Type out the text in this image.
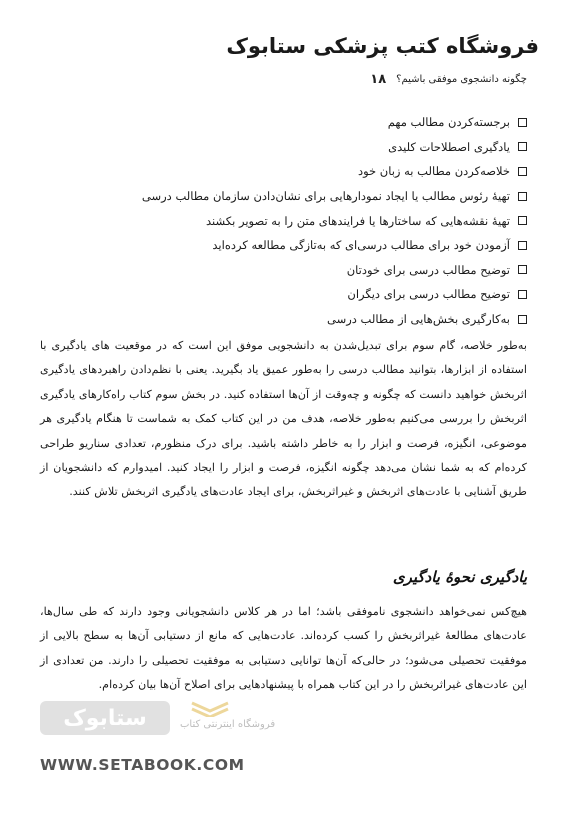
فروشگاه کتب پزشکی ستابوک
۱۸ چگونه دانشجوی موفقی باشیم؟
برجسته‌کردن مطالب مهم
یادگیری اصطلاحات کلیدی
خلاصه‌کردن مطالب به زبان خود
تهیهٔ رئوس مطالب یا ایجاد نمودارهایی برای نشان‌دادن سازمان مطالب درسی
تهیهٔ نقشه‌هایی که ساختارها یا فرایندهای متن را به تصویر بکشند
آزمودن خود برای مطالب درسی‌ای که به‌تازگی مطالعه کرده‌اید
توضیح مطالب درسی برای خودتان
توضیح مطالب درسی برای دیگران
به‌کارگیری بخش‌هایی از مطالب درسی

به‌طور خلاصه، گام سوم برای تبدیل‌شدن به دانشجویی موفق این است که در موقعیت های یادگیری با استفاده از ابزارها، بتوانید مطالب درسی را به‌طور عمیق یاد بگیرید. یعنی با نظم‌دادن راهبردهای یادگیری اثربخش خواهید دانست که چگونه و چه‌وقت از آن‌ها استفاده کنید. در بخش سوم کتاب راه‌کارهای یادگیری اثربخش را بررسی می‌کنیم به‌طور خلاصه، هدف من در این کتاب کمک به شماست تا هنگام یادگیری هر موضوعی، انگیزه، فرصت و ابزار را به خاطر داشته باشید. برای درک منظورم، تعدادی سناریو طراحی کرده‌ام که به شما نشان می‌دهد چگونه انگیزه، فرصت و ابزار را ایجاد کنید. امیدوارم که دانشجویان از طریق آشنایی با عادت‌های اثربخش و غیراثربخش، برای ایجاد عادت‌های یادگیری اثربخش تلاش کنند.

یادگیری نحوهٔ یادگیری

هیچ‌کس نمی‌خواهد دانشجوی ناموفقی باشد؛ اما در هر کلاس دانشجویانی وجود دارند که طی سال‌ها، عادت‌های مطالعهٔ غیراثربخش را کسب کرده‌اند. عادت‌هایی که مانع از دستیابی آن‌ها به سطح بالایی از موفقیت تحصیلی می‌شود؛ در حالی‌که آن‌ها توانایی دستیابی به موفقیت تحصیلی را دارند. من تعدادی از این عادت‌های غیراثربخش را در این کتاب همراه با پیشنهادهایی برای اصلاح آن‌ها بیان کرده‌ام.

ستابوک	فروشگاه اینترنتی کتاب

WWW.SETABOOK.COM
